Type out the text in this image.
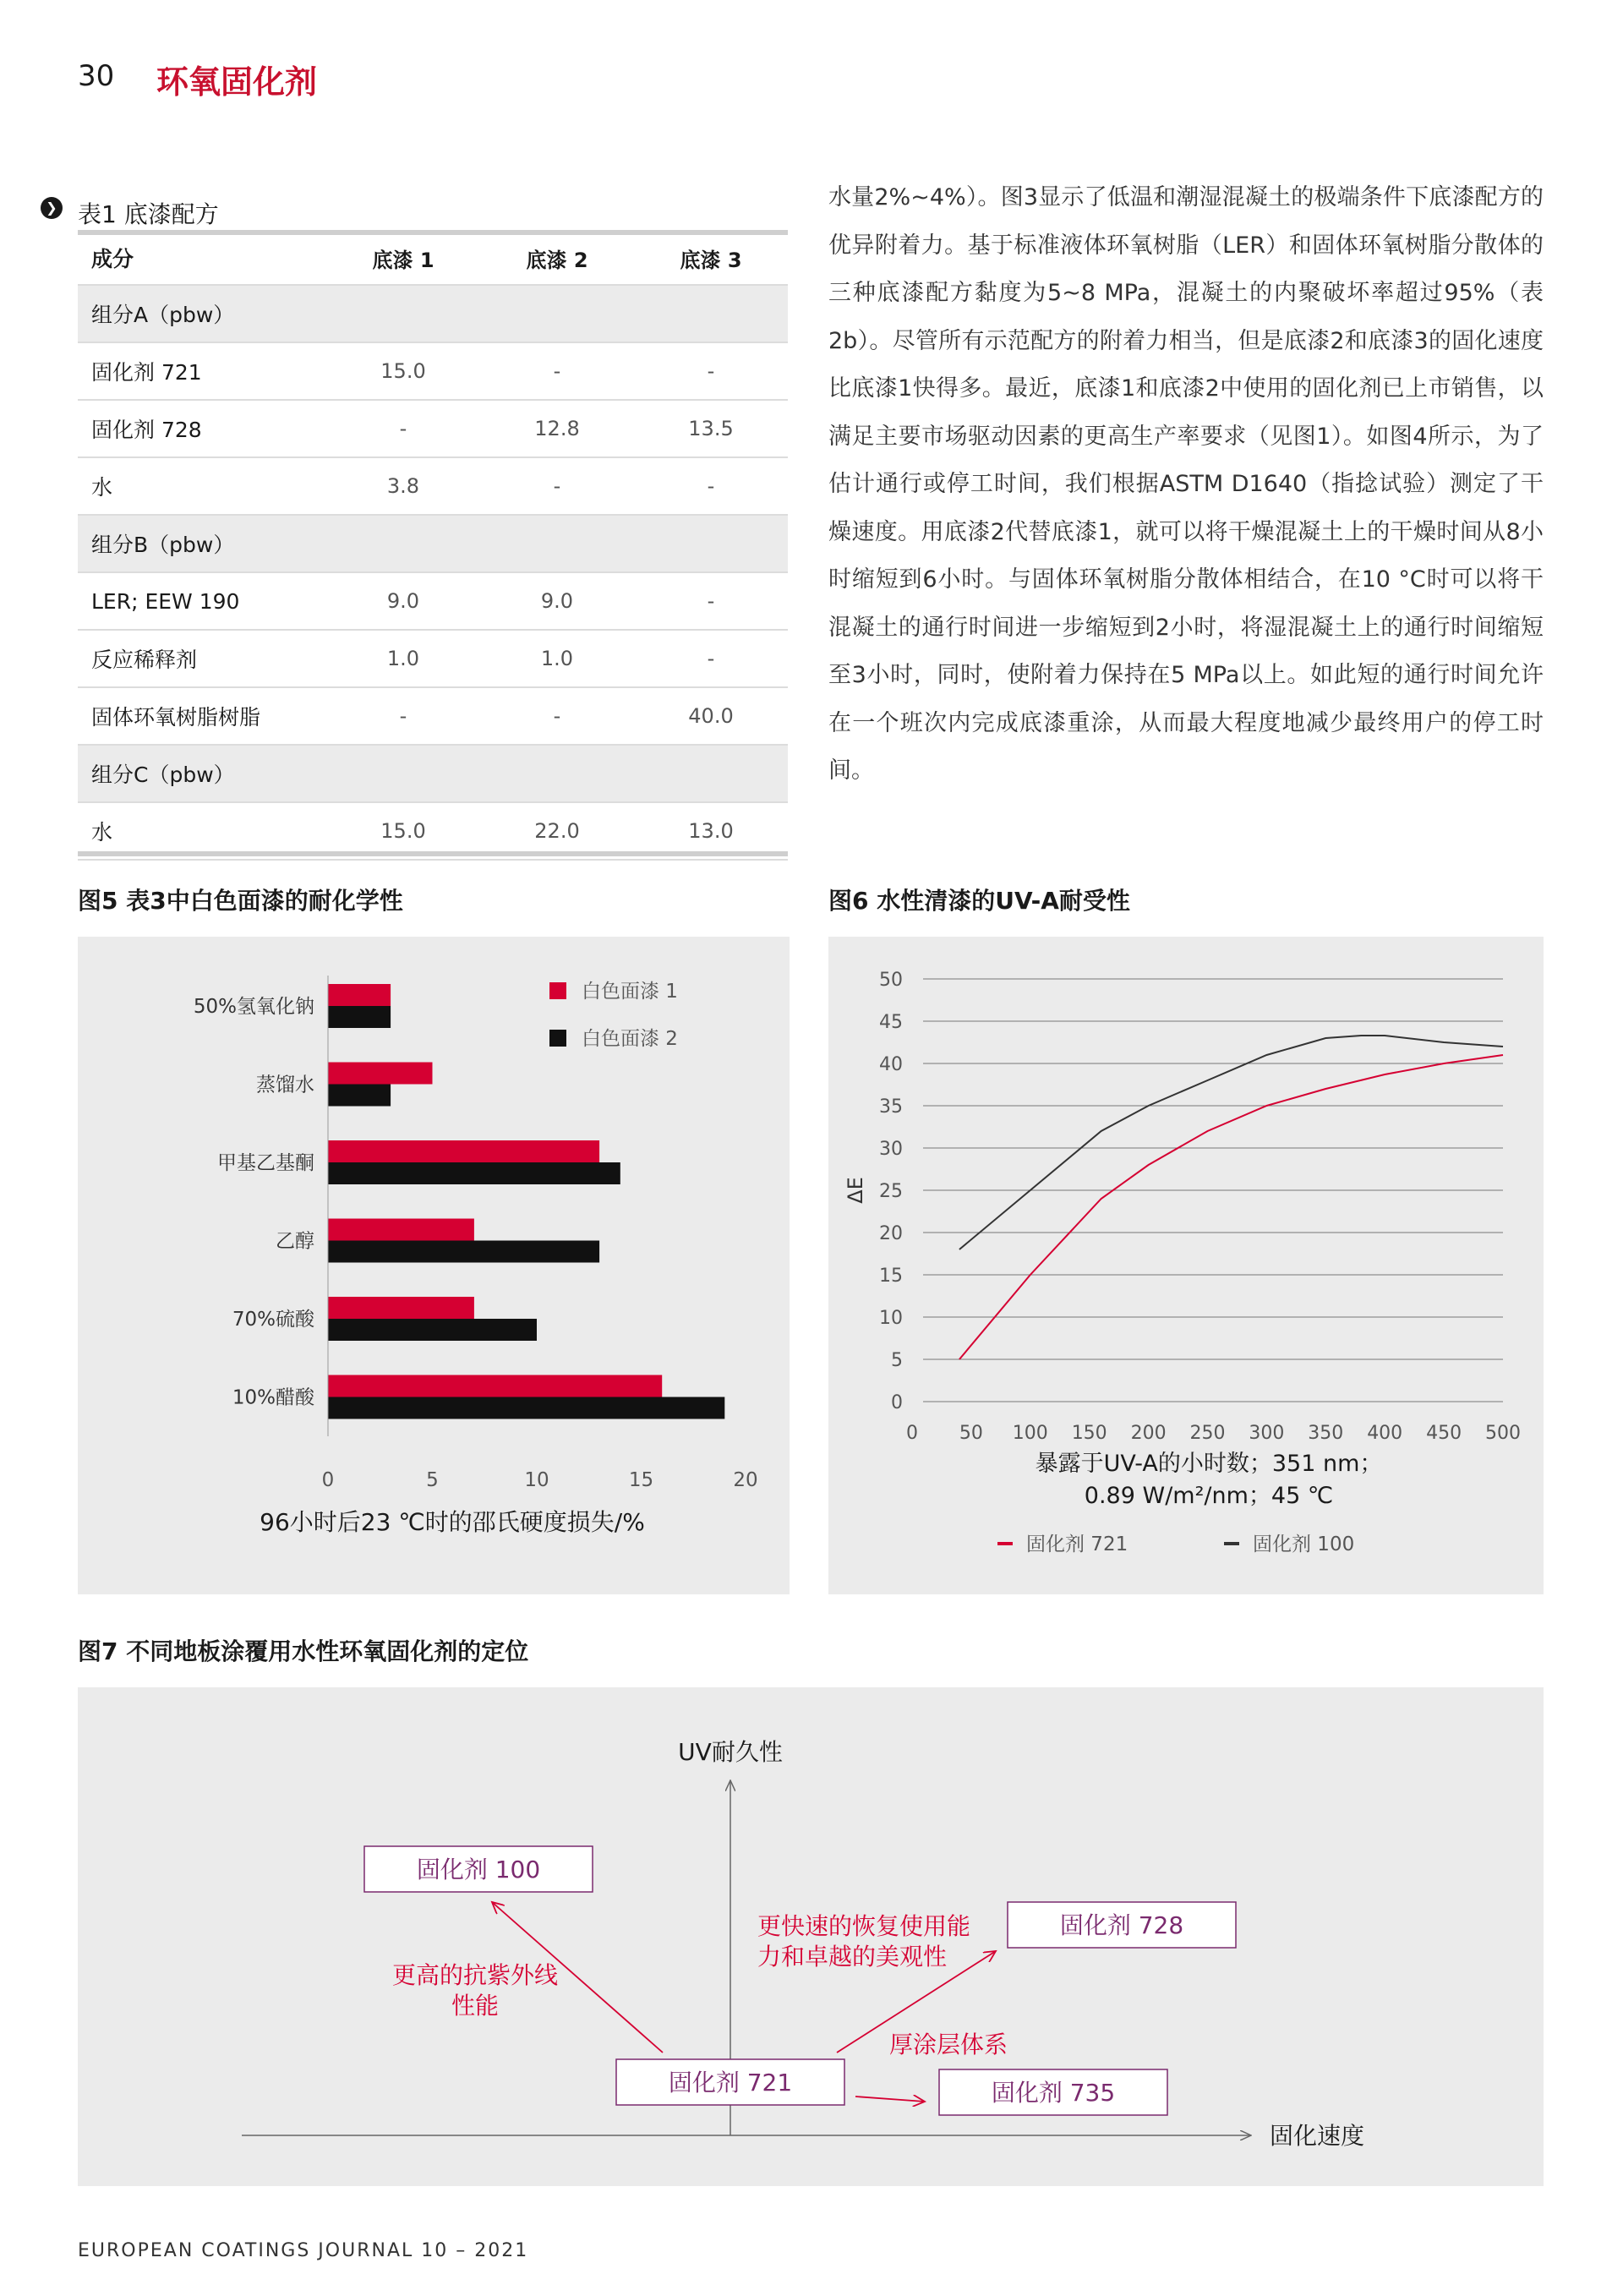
30 环氧固化剂
❯ 表1 底漆配方
成分	底漆 1	底漆 2	底漆 3
组分A（pbw）			
固化剂 721	15.0	-	-
固化剂 728	-	12.8	13.5
水	3.8	-	-
组分B（pbw）			
LER; EEW 190	9.0	9.0	-
反应稀释剂	1.0	1.0	-
固体环氧树脂树脂	-	-	40.0
组分C（pbw）			
水	15.0	22.0	13.0
水量2%~4%）。图3显示了低温和潮湿混凝土的极端条件下底漆配方的优异附着力。基于标准液体环氧树脂（LER）和固体环氧树脂分散体的三种底漆配方黏度为5~8 MPa，混凝土的内聚破坏率超过95%（表2b）。尽管所有示范配方的附着力相当，但是底漆2和底漆3的固化速度比底漆1快得多。最近，底漆1和底漆2中使用的固化剂已上市销售，以满足主要市场驱动因素的更高生产率要求（见图1）。如图4所示，为了估计通行或停工时间，我们根据ASTM D1640（指捻试验）测定了干燥速度。用底漆2代替底漆1，就可以将干燥混凝土上的干燥时间从8小时缩短到6小时。与固体环氧树脂分散体相结合，在10 °C时可以将干混凝土的通行时间进一步缩短到2小时，将湿混凝土上的通行时间缩短至3小时，同时，使附着力保持在5 MPa以上。如此短的通行时间允许在一个班次内完成底漆重涂，从而最大程度地减少最终用户的停工时间。
图5 表3中白色面漆的耐化学性
50%氢氧化钠
蒸馏水
甲基乙基酮
乙醇
70%硫酸
10%醋酸
0	5	10	15	20
96小时后23 ℃时的邵氏硬度损失/%
白色面漆 1
白色面漆 2
图6 水性清漆的UV-A耐受性
0
5
10
15
20
25
30
35
40
45
50
0 50 100 150 200 250 300 350 400 450 500
ΔE
暴露于UV-A的小时数；351 nm；
0.89 W/m²/nm；45 ℃
固化剂 721	固化剂 100
图7 不同地板涂覆用水性环氧固化剂的定位
UV耐久性
固化速度
固化剂 100
固化剂 728
固化剂 721	固化剂 735
更高的抗紫外线
性能
更快速的恢复使用能
力和卓越的美观性
厚涂层体系
EUROPEAN COATINGS JOURNAL 10 – 2021
